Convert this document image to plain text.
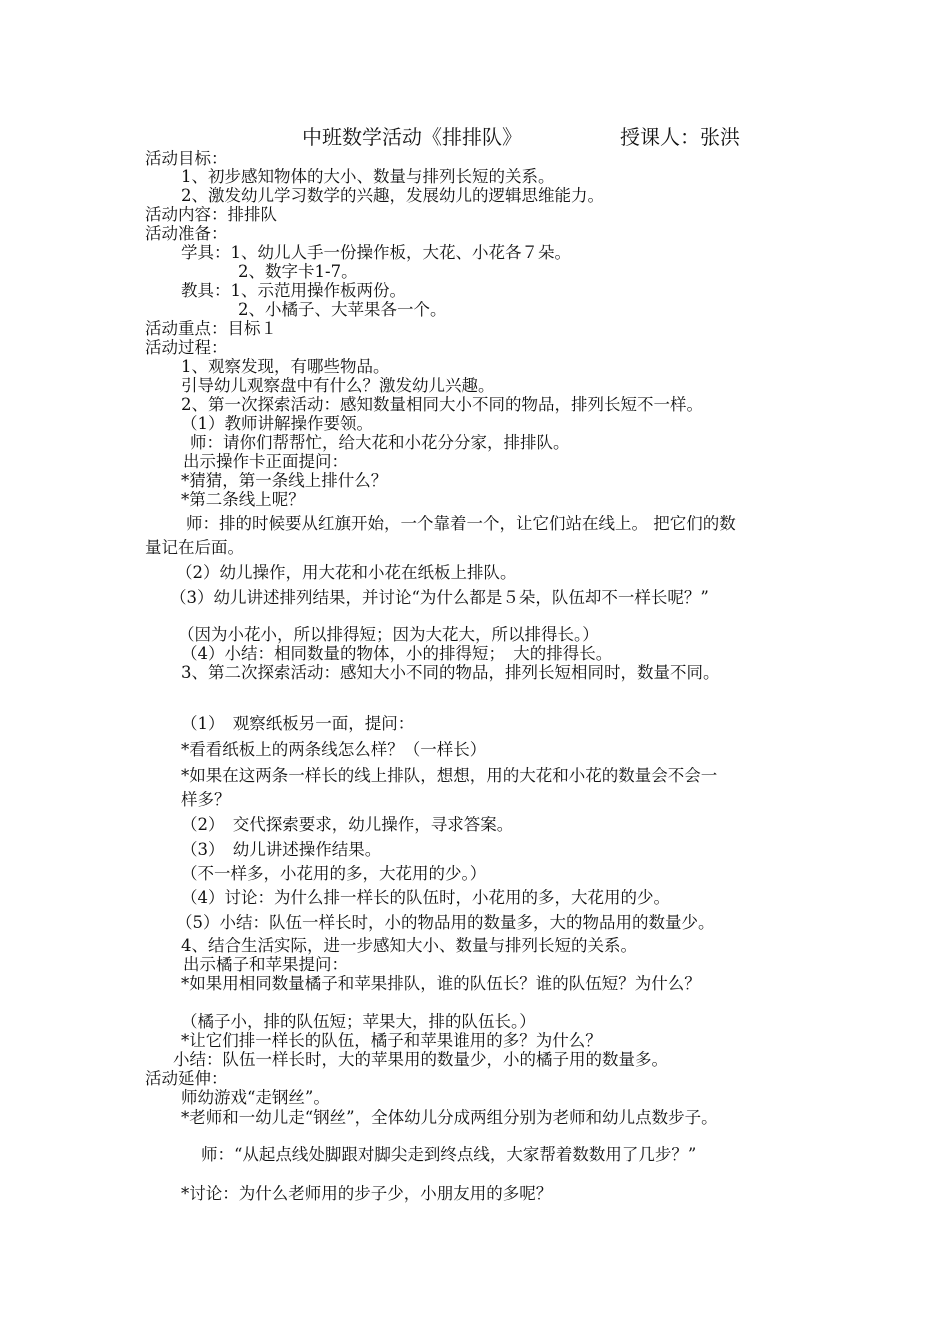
中班数学活动《排排队》	授课人：张洪
活动目标：
1、初步感知物体的大小、数量与排列长短的关系。
2、激发幼儿学习数学的兴趣，发展幼儿的逻辑思维能力。
活动内容：排排队
活动准备：
学具：1、幼儿人手一份操作板，大花、小花各７朵。
2、数字卡1-7。
教具：1、示范用操作板两份。
2、小橘子、大苹果各一个。
活动重点：目标１
活动过程：
1、观察发现，有哪些物品。
引导幼儿观察盘中有什么？激发幼儿兴趣。
2、第一次探索活动：感知数量相同大小不同的物品，排列长短不一样。
（1）教师讲解操作要领。
师：请你们帮帮忙，给大花和小花分分家，排排队。
出示操作卡正面提问：
*猜猜，第一条线上排什么？
*第二条线上呢？
师：排的时候要从红旗开始，一个靠着一个，让它们站在线上。 把它们的数
量记在后面。
（2）幼儿操作，用大花和小花在纸板上排队。
（3）幼儿讲述排列结果，并讨论“为什么都是５朵，队伍却不一样长呢？”
（因为小花小，所以排得短；因为大花大，所以排得长。）
（4）小结：相同数量的物体，小的排得短；　大的排得长。
3、第二次探索活动：感知大小不同的物品，排列长短相同时，数量不同。
（1）　观察纸板另一面，提问：
*看看纸板上的两条线怎么样？（一样长）
*如果在这两条一样长的线上排队，想想，用的大花和小花的数量会不会一
样多？
（2）　交代探索要求，幼儿操作，寻求答案。
（3）　幼儿讲述操作结果。
（不一样多，小花用的多，大花用的少。）
（4）讨论：为什么排一样长的队伍时，小花用的多，大花用的少。
（5）小结：队伍一样长时，小的物品用的数量多，大的物品用的数量少。
4、结合生活实际，进一步感知大小、数量与排列长短的关系。
出示橘子和苹果提问：
*如果用相同数量橘子和苹果排队，谁的队伍长？谁的队伍短？为什么？
（橘子小，排的队伍短；苹果大，排的队伍长。）
*让它们排一样长的队伍，橘子和苹果谁用的多？为什么？
小结：队伍一样长时，大的苹果用的数量少，小的橘子用的数量多。
活动延伸：
师幼游戏“走钢丝”。
*老师和一幼儿走“钢丝”，全体幼儿分成两组分别为老师和幼儿点数步子。
师：“从起点线处脚跟对脚尖走到终点线，大家帮着数数用了几步？”
*讨论：为什么老师用的步子少，小朋友用的多呢？
